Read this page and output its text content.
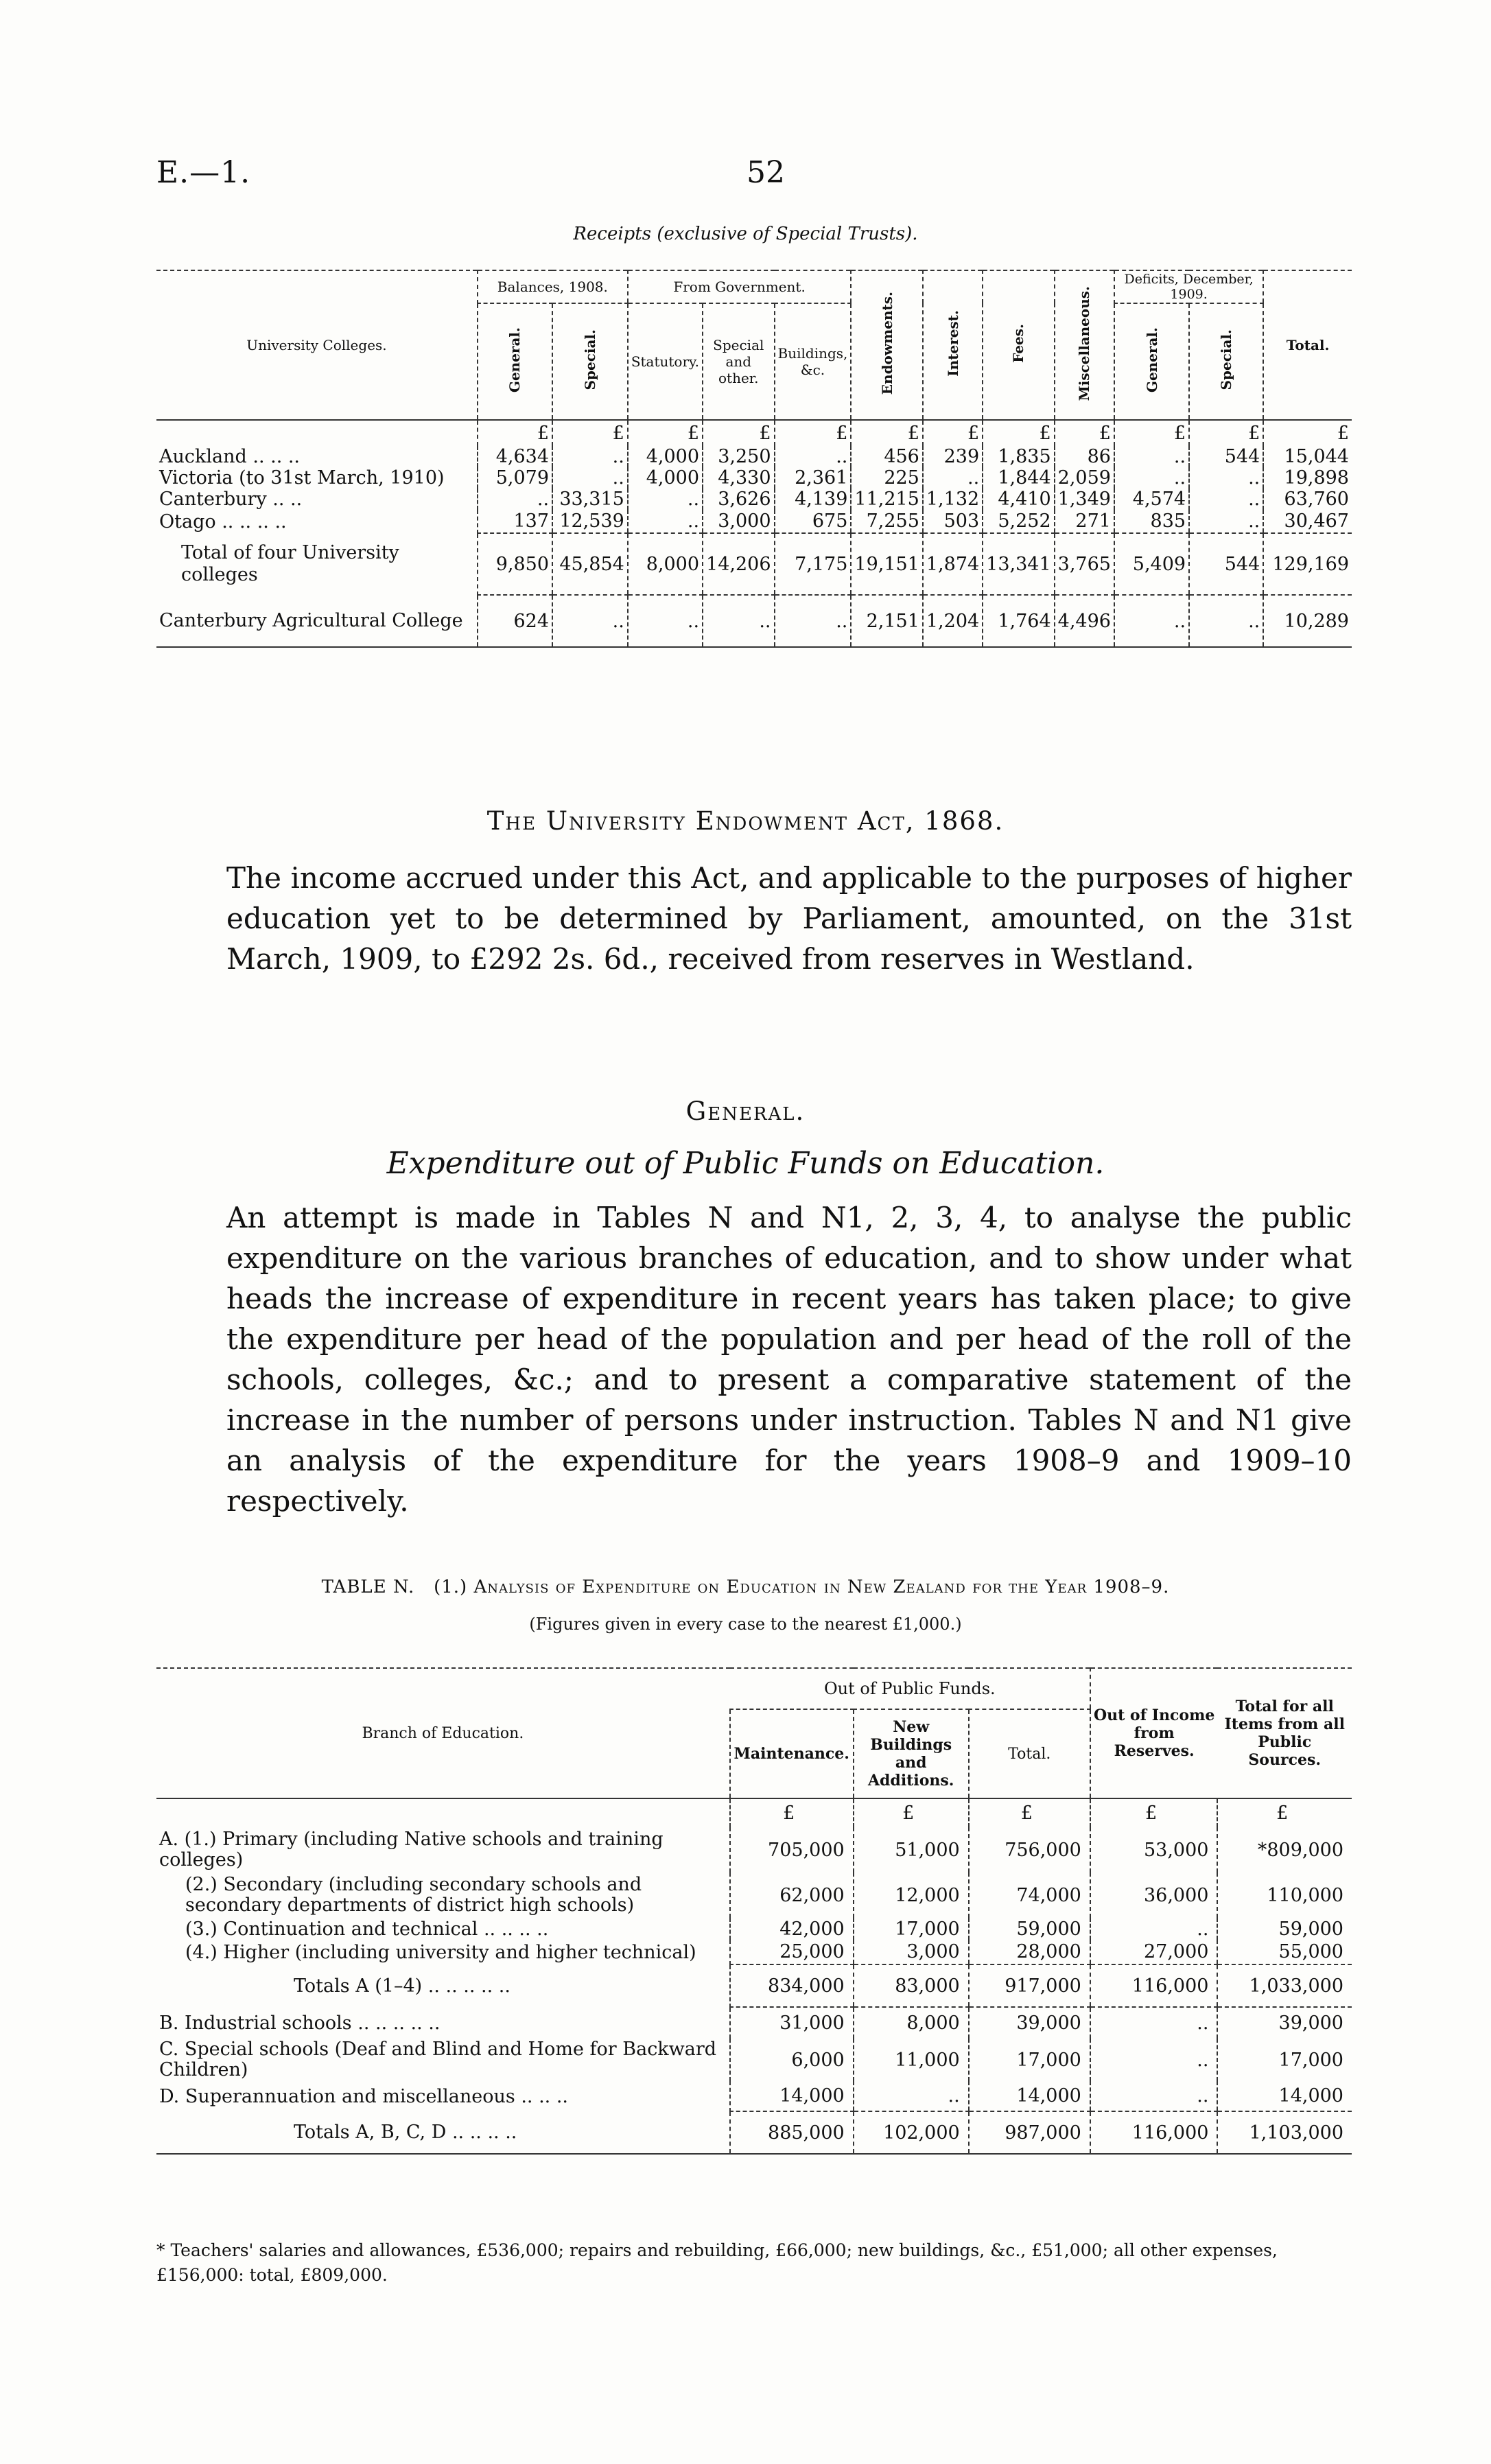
E.—1.	52
Receipts (exclusive of Special Trusts).
University Colleges.	Balances, 1908.		From Government.			Endowments.	Interest.	Fees.	Miscellaneous.	Deficits, December, 1909.		Total.
	General.	Special.	Statutory.	Special and other.	Buildings, &c.					General.	Special.	
	£	£	£	£	£	£	£	£	£	£	£	£
Auckland .. .. ..	4,634	..	4,000	3,250	..	456	239	1,835	86	..	544	15,044
Victoria (to 31st March, 1910)	5,079	..	4,000	4,330	2,361	225	..	1,844	2,059	..	..	19,898
Canterbury .. ..	..	33,315	..	3,626	4,139	11,215	1,132	4,410	1,349	4,574	..	63,760
Otago .. .. .. ..	137	12,539	..	3,000	675	7,255	503	5,252	271	835	..	30,467
Total of four University colleges	9,850	45,854	8,000	14,206	7,175	19,151	1,874	13,341	3,765	5,409	544	129,169
Canterbury Agricultural College	624	..	..	..	..	2,151	1,204	1,764	4,496	..	..	10,289
The University Endowment Act, 1868.
The income accrued under this Act, and applicable to the purposes of higher education yet to be determined by Parliament, amounted, on the 31st March, 1909, to £292 2s. 6d., received from reserves in Westland.
General.
Expenditure out of Public Funds on Education.
An attempt is made in Tables N and N1, 2, 3, 4, to analyse the public expenditure on the various branches of education, and to show under what heads the increase of expenditure in recent years has taken place; to give the expenditure per head of the population and per head of the roll of the schools, colleges, &c.; and to present a comparative statement of the increase in the number of persons under instruction. Tables N and N1 give an analysis of the expenditure for the years 1908–9 and 1909–10 respectively.
TABLE N. (1.) Analysis of Expenditure on Education in New Zealand for the Year 1908–9.
(Figures given in every case to the nearest £1,000.)
Branch of Education.	Out of Public Funds.			Out of Income from Reserves.	Total for all Items from all Public Sources.
	Maintenance.	New Buildings and Additions.	Total.		
	£	£	£	£	£
A. (1.) Primary (including Native schools and training colleges)	705,000	51,000	756,000	53,000	*809,000
(2.) Secondary (including secondary schools and secondary departments of district high schools)	62,000	12,000	74,000	36,000	110,000
(3.) Continuation and technical .. .. .. ..	42,000	17,000	59,000	..	59,000
(4.) Higher (including university and higher technical)	25,000	3,000	28,000	27,000	55,000
Totals A (1–4) .. .. .. .. ..	834,000	83,000	917,000	116,000	1,033,000
B. Industrial schools .. .. .. .. ..	31,000	8,000	39,000	..	39,000
C. Special schools (Deaf and Blind and Home for Backward Children)	6,000	11,000	17,000	..	17,000
D. Superannuation and miscellaneous .. .. ..	14,000	..	14,000	..	14,000
Totals A, B, C, D .. .. .. ..	885,000	102,000	987,000	116,000	1,103,000
* Teachers' salaries and allowances, £536,000; repairs and rebuilding, £66,000; new buildings, &c., £51,000; all other expenses, £156,000: total, £809,000.
